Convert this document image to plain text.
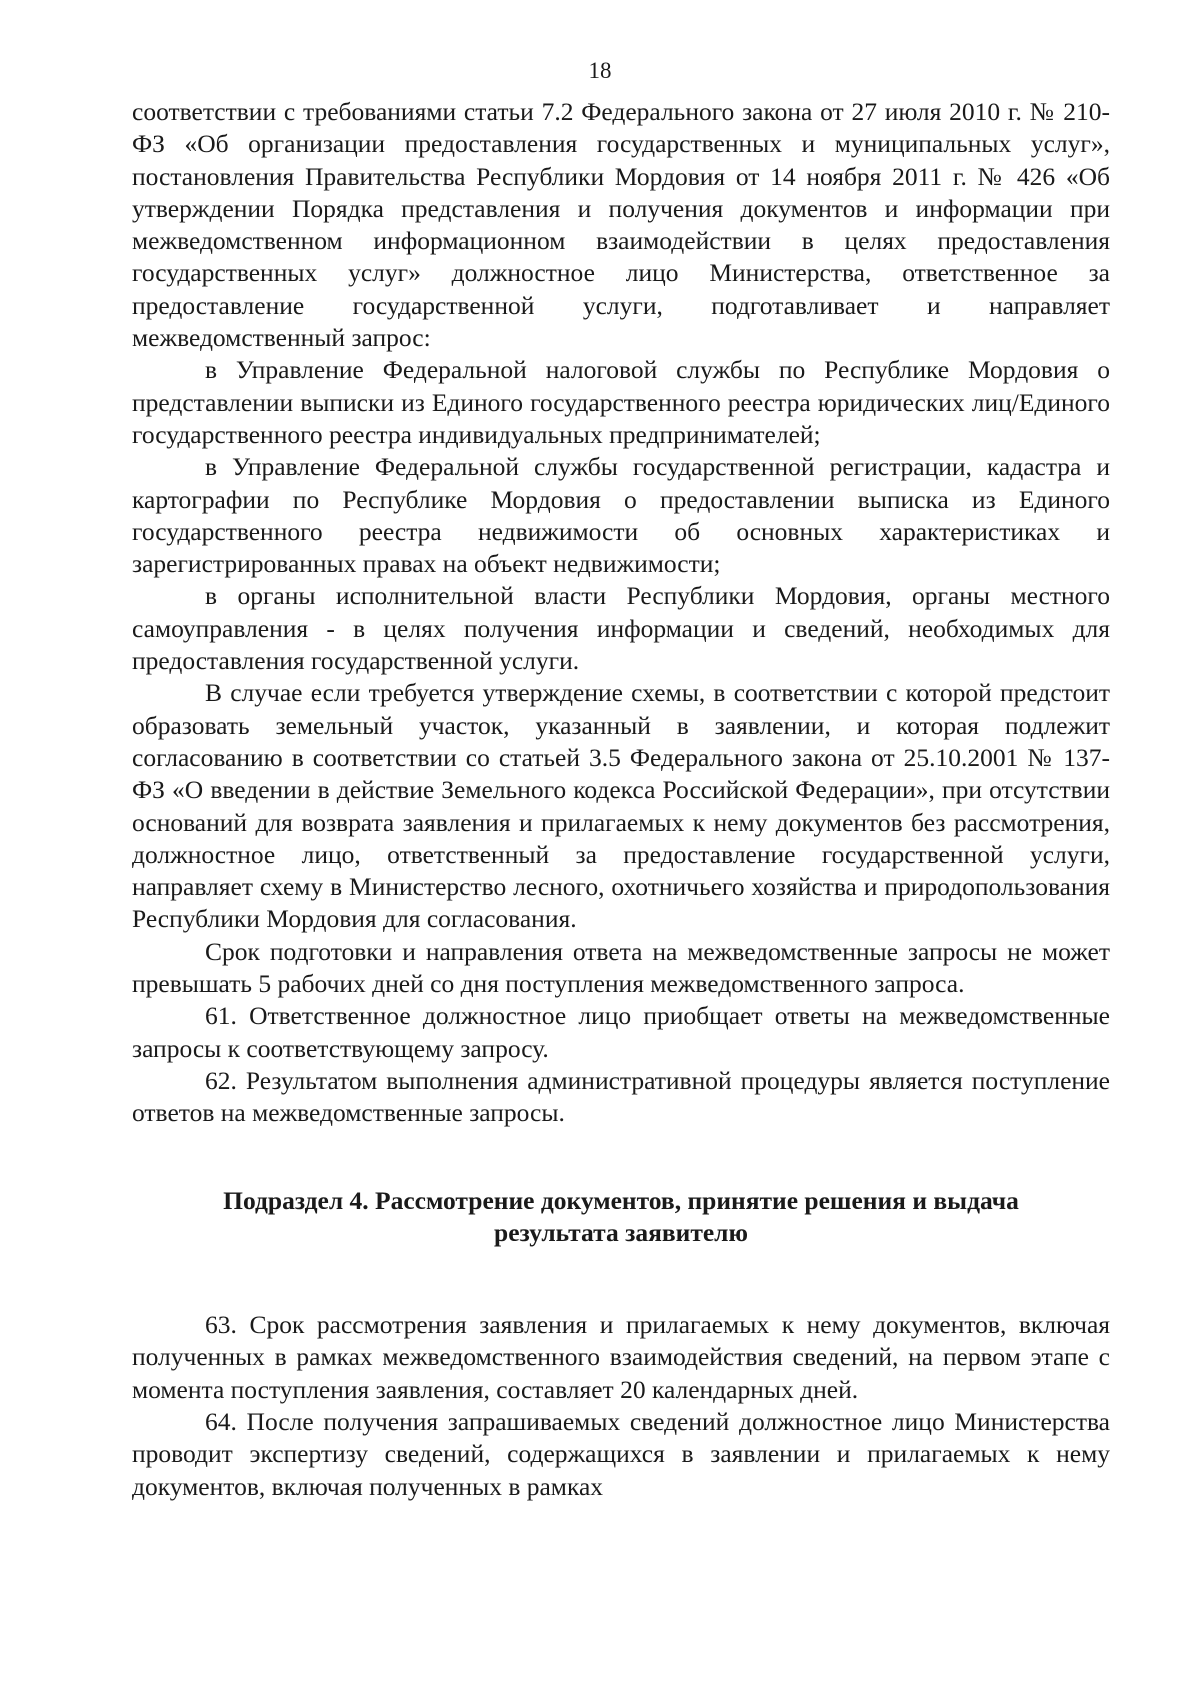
18

соответствии с требованиями статьи 7.2 Федерального закона от 27 июля 2010 г. № 210-ФЗ «Об организации предоставления государственных и муниципальных услуг», постановления Правительства Республики Мордовия от 14 ноября 2011 г. № 426 «Об утверждении Порядка представления и получения документов и информации при межведомственном информационном взаимодействии в целях предоставления государственных услуг» должностное лицо Министерства, ответственное за предоставление государственной услуги, подготавливает и направляет межведомственный запрос:

в Управление Федеральной налоговой службы по Республике Мордовия о представлении выписки из Единого государственного реестра юридических лиц/Единого государственного реестра индивидуальных предпринимателей;

в Управление Федеральной службы государственной регистрации, кадастра и картографии по Республике Мордовия о предоставлении выписка из Единого государственного реестра недвижимости об основных характеристиках и зарегистрированных правах на объект недвижимости;

в органы исполнительной власти Республики Мордовия, органы местного самоуправления - в целях получения информации и сведений, необходимых для предоставления государственной услуги.

В случае если требуется утверждение схемы, в соответствии с которой предстоит образовать земельный участок, указанный в заявлении, и которая подлежит согласованию в соответствии со статьей 3.5 Федерального закона от 25.10.2001 № 137-ФЗ «О введении в действие Земельного кодекса Российской Федерации», при отсутствии оснований для возврата заявления и прилагаемых к нему документов без рассмотрения, должностное лицо, ответственный за предоставление государственной услуги, направляет схему в Министерство лесного, охотничьего хозяйства и природопользования Республики Мордовия для согласования.

Срок подготовки и направления ответа на межведомственные запросы не может превышать 5 рабочих дней со дня поступления межведомственного запроса.

61. Ответственное должностное лицо приобщает ответы на межведомственные запросы к соответствующему запросу.

62. Результатом выполнения административной процедуры является поступление ответов на межведомственные запросы.

Подраздел 4. Рассмотрение документов, принятие решения и выдача результата заявителю

63. Срок рассмотрения заявления и прилагаемых к нему документов, включая полученных в рамках межведомственного взаимодействия сведений, на первом этапе с момента поступления заявления, составляет 20 календарных дней.

64. После получения запрашиваемых сведений должностное лицо Министерства проводит экспертизу сведений, содержащихся в заявлении и прилагаемых к нему документов, включая полученных в рамках
